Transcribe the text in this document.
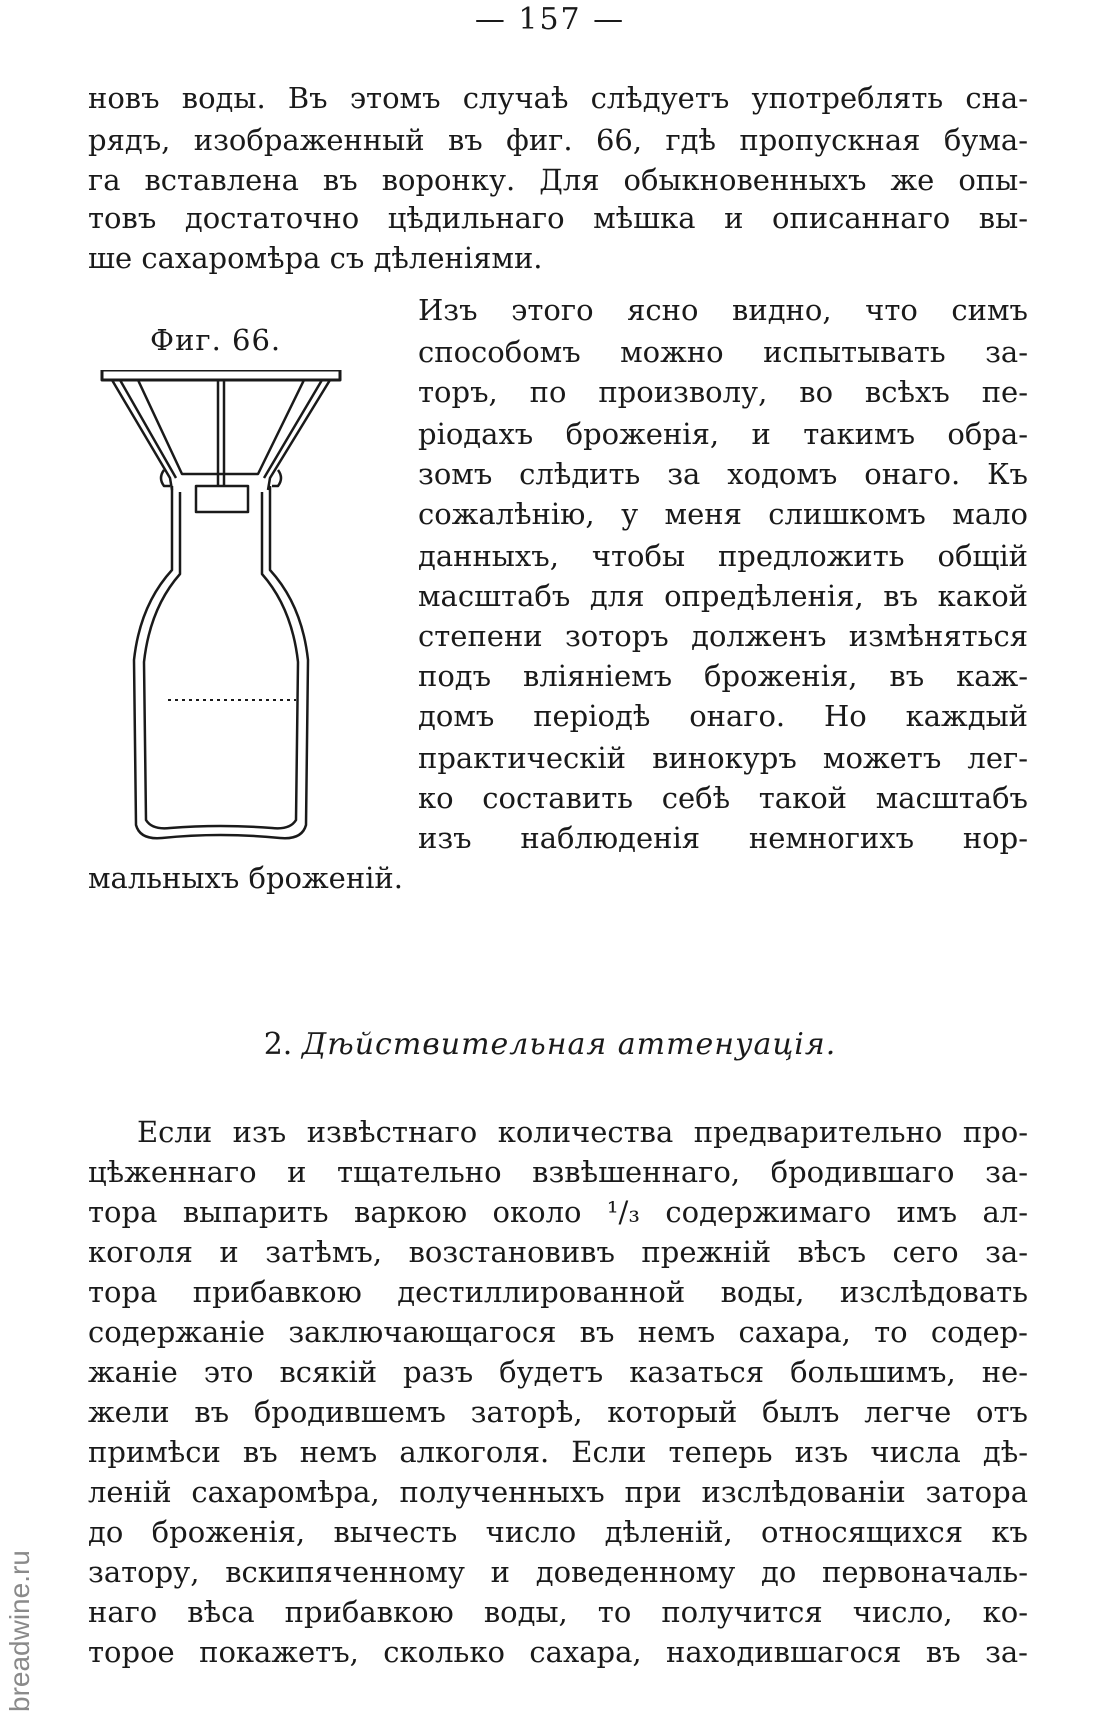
— 157 —
новъ воды. Въ этомъ случаѣ слѣдуетъ употреблять сна-
рядъ, изображенный въ фиг. 66, гдѣ пропускная бума-
га вставлена въ воронку. Для обыкновенныхъ же опы-
товъ достаточно цѣдильнаго мѣшка и описаннаго вы-
ше сахаромѣра съ дѣленіями.
Фиг. 66.
Изъ этого ясно видно, что симъ
способомъ можно испытывать за-
торъ, по произволу, во всѣхъ пе-
ріодахъ броженія, и такимъ обра-
зомъ слѣдить за ходомъ онаго. Къ
сожалѣнію, у меня слишкомъ мало
данныхъ, чтобы предложить общій
масштабъ для опредѣленія, въ какой
степени зоторъ долженъ измѣняться
подъ вліяніемъ броженія, въ каж-
домъ періодѣ онаго. Но каждый
практическій винокуръ можетъ лег-
ко составить себѣ такой масштабъ
изъ наблюденія немногихъ нор-
мальныхъ броженій.
2. Дѣйствительная аттенуація.
Если изъ извѣстнаго количества предварительно про-
цѣженнаго и тщательно взвѣшеннаго, бродившаго за-
тора выпарить варкою около ¹/₃ содержимаго имъ ал-
коголя и затѣмъ, возстановивъ прежній вѣсъ сего за-
тора прибавкою дестиллированной воды, изслѣдовать
содержаніе заключающагося въ немъ сахара, то содер-
жаніе это всякій разъ будетъ казаться большимъ, не-
жели въ бродившемъ заторѣ, который былъ легче отъ
примѣси въ немъ алкоголя. Если теперь изъ числа дѣ-
леній сахаромѣра, полученныхъ при изслѣдованіи затора
до броженія, вычесть число дѣленій, относящихся къ
затору, вскипяченному и доведенному до первоначаль-
наго вѣса прибавкою воды, то получится число, ко-
торое покажетъ, сколько сахара, находившагося въ за-
breadwine.ru
